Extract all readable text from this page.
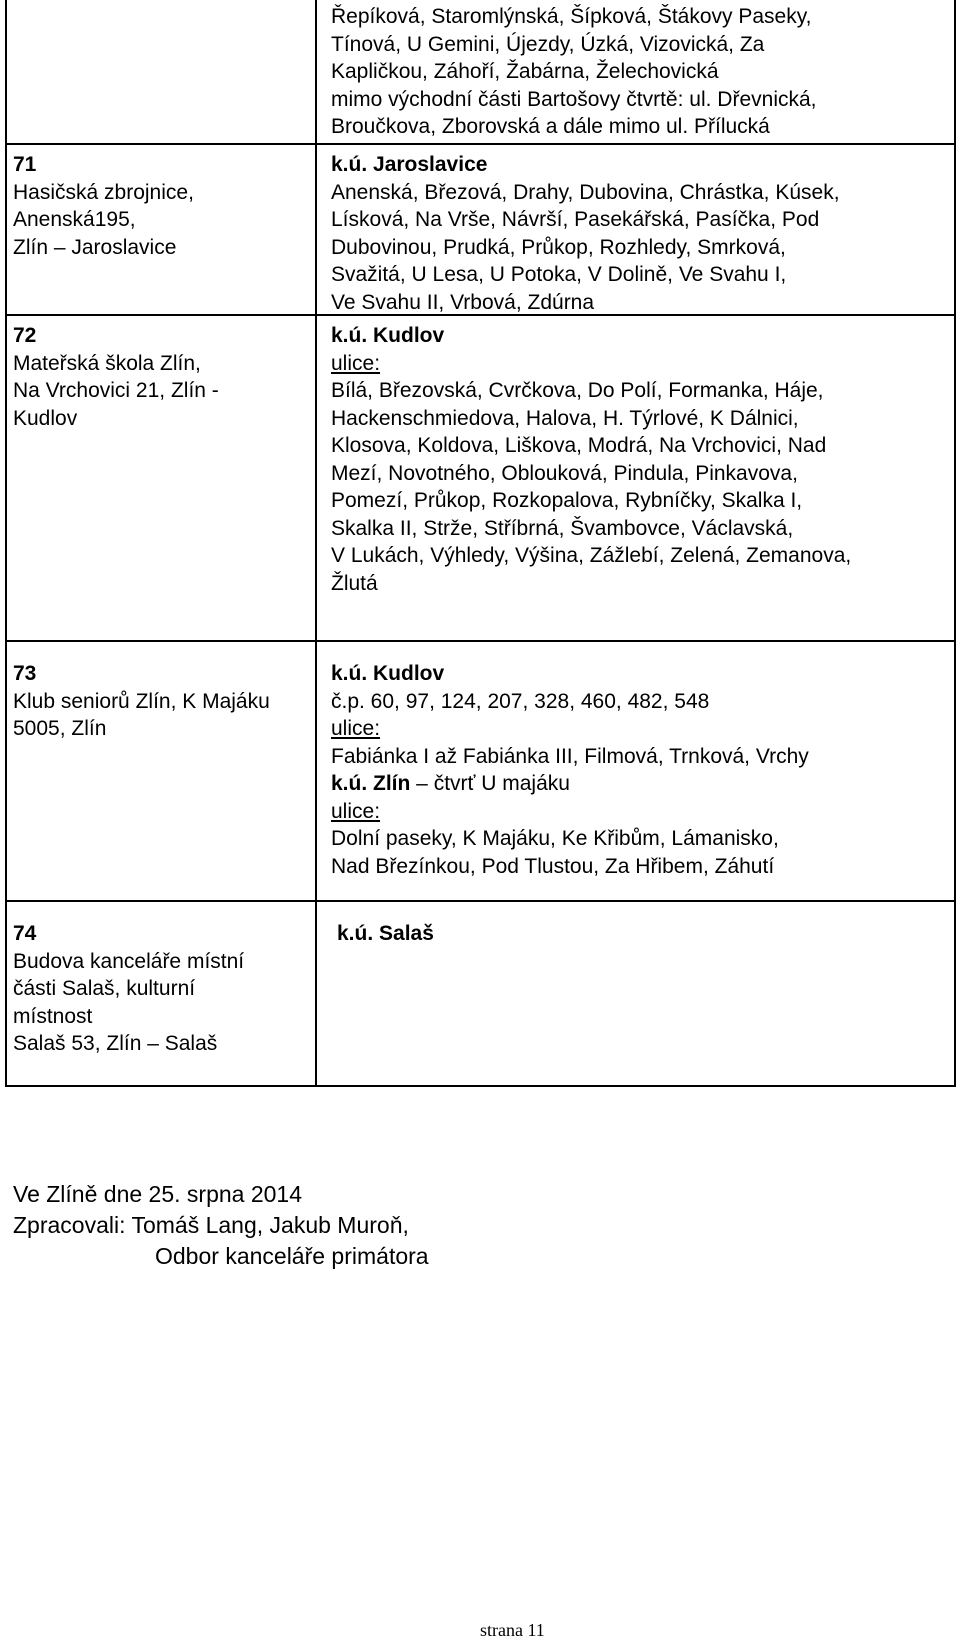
Řepíková, Staromlýnská, Šípková, Štákovy Paseky,
Tínová, U Gemini, Újezdy, Úzká, Vizovická, Za
Kapličkou, Záhoří, Žabárna, Želechovická
mimo východní části Bartošovy čtvrtě: ul. Dřevnická,
Broučkova, Zborovská a dále mimo ul. Přílucká
71
Hasičská zbrojnice,
Anenská195,
Zlín – Jaroslavice
k.ú. Jaroslavice
Anenská, Březová, Drahy, Dubovina, Chrástka, Kúsek,
Lísková, Na Vrše, Návrší, Pasekářská, Pasíčka, Pod
Dubovinou, Prudká, Průkop, Rozhledy, Smrková,
Svažitá, U Lesa, U Potoka, V Dolině, Ve Svahu I,
Ve Svahu II, Vrbová, Zdúrna
72
Mateřská škola Zlín,
Na Vrchovici 21, Zlín -
Kudlov
k.ú. Kudlov
ulice:
Bílá, Březovská, Cvrčkova, Do Polí, Formanka, Háje,
Hackenschmiedova, Halova, H. Týrlové, K Dálnici,
Klosova, Koldova, Liškova, Modrá, Na Vrchovici, Nad
Mezí, Novotného, Oblouková, Pindula, Pinkavova,
Pomezí, Průkop, Rozkopalova, Rybníčky, Skalka I,
Skalka II, Strže, Stříbrná, Švambovce, Václavská,
V Lukách, Výhledy, Výšina, Zážlebí, Zelená, Zemanova,
Žlutá
73
Klub seniorů Zlín, K Majáku
5005, Zlín
k.ú. Kudlov
č.p. 60, 97, 124, 207, 328, 460, 482, 548
ulice:
Fabiánka I až Fabiánka III, Filmová, Trnková, Vrchy
k.ú. Zlín – čtvrť U majáku
ulice:
Dolní paseky, K Majáku, Ke Křibům, Lámanisko,
Nad Březínkou, Pod Tlustou, Za Hřibem, Záhutí
74
Budova kanceláře místní
části Salaš, kulturní
místnost
Salaš 53, Zlín – Salaš
k.ú. Salaš
Ve Zlíně dne 25. srpna 2014
Zpracovali: Tomáš Lang, Jakub Muroň,
Odbor kanceláře primátora
strana 11
